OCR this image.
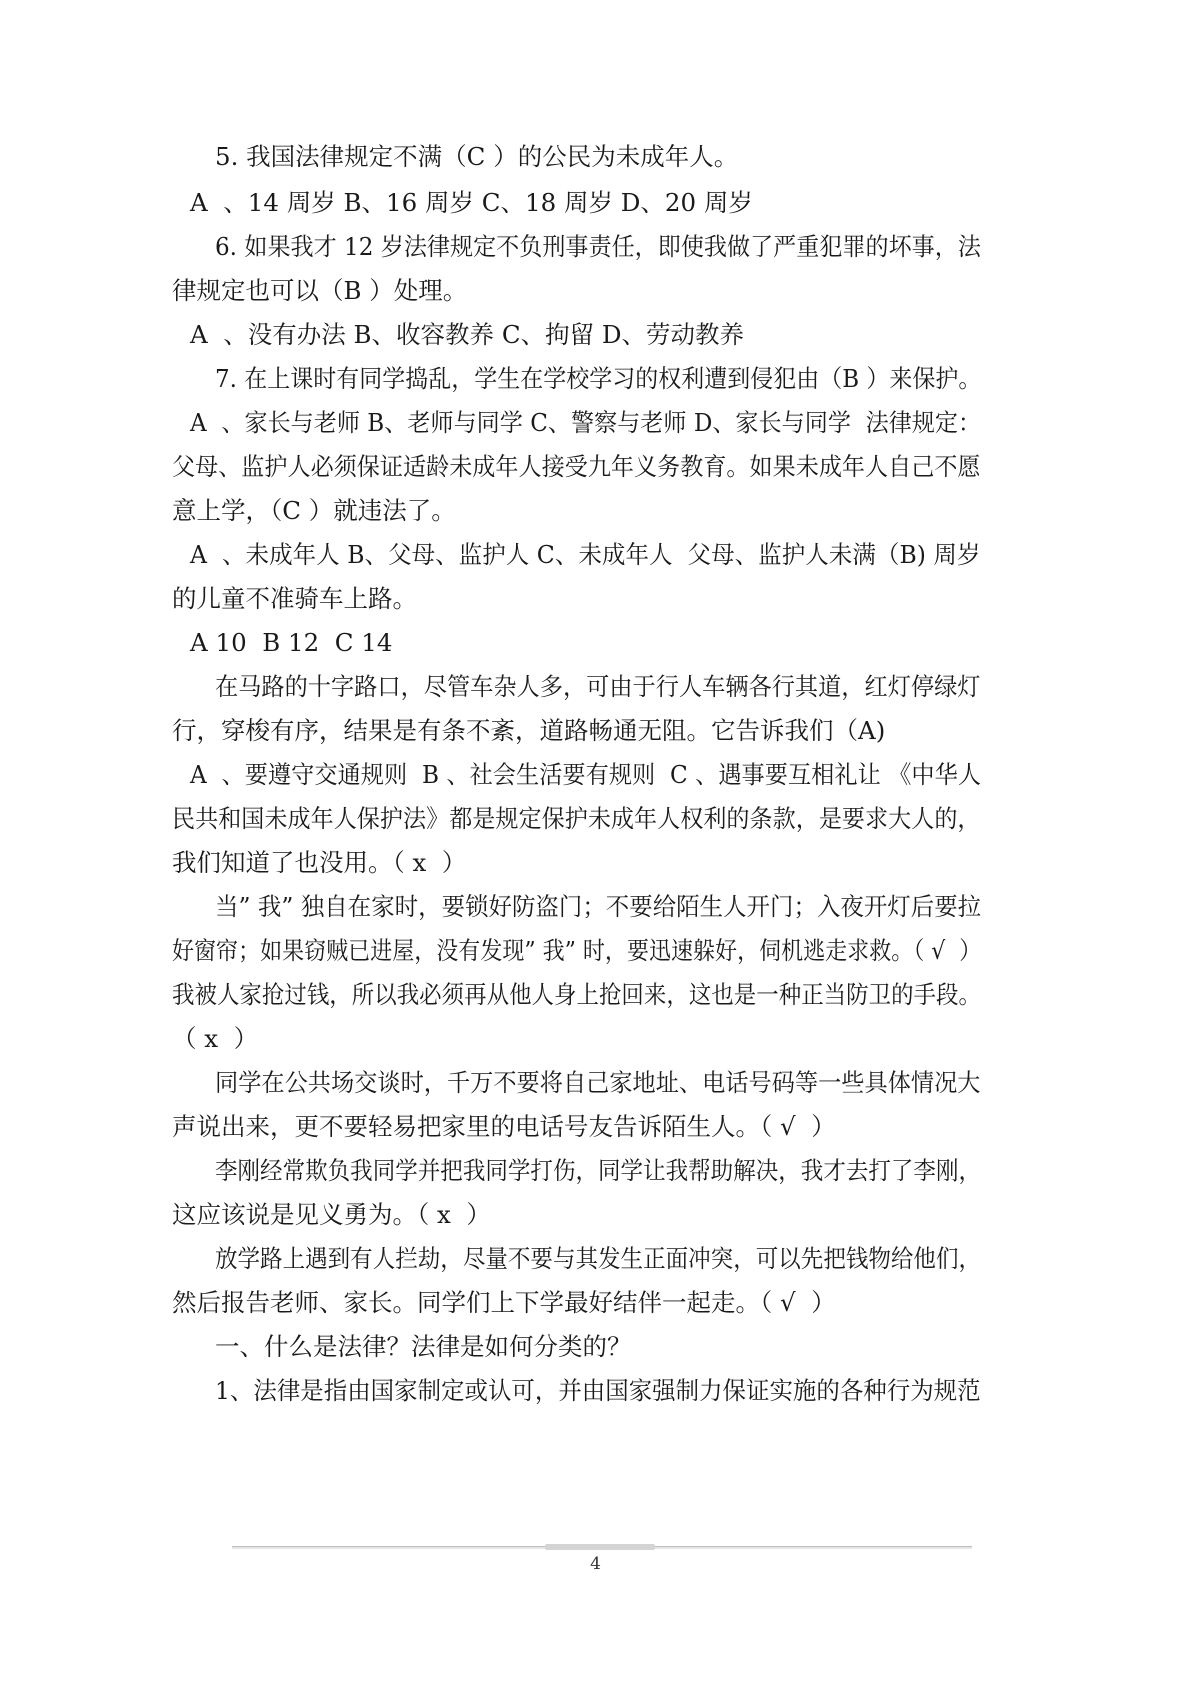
5. 我国法律规定不满（C ）的公民为未成年人。
A  、14 周岁 B、16 周岁 C、18 周岁 D、20 周岁
6. 如果我才 12 岁法律规定不负刑事责任，即使我做了严重犯罪的坏事，法
律规定也可以（B ）处理。
A  、没有办法 B、收容教养 C、拘留 D、劳动教养
7. 在上课时有同学捣乱，学生在学校学习的权利遭到侵犯由（B ）来保护。
A  、家长与老师 B、老师与同学 C、警察与老师 D、家长与同学  法律规定：
父母、监护人必须保证适龄未成年人接受九年义务教育。如果未成年人自己不愿
意上学，（C ）就违法了。
A  、未成年人 B、父母、监护人 C、未成年人  父母、监护人未满（B) 周岁
的儿童不准骑车上路。
A 10  B 12  C 14
在马路的十字路口，尽管车杂人多，可由于行人车辆各行其道，红灯停绿灯
行，穿梭有序，结果是有条不紊，道路畅通无阻。它告诉我们（A)
A  、要遵守交通规则  B 、社会生活要有规则  C 、遇事要互相礼让 《中华人
民共和国未成年人保护法》都是规定保护未成年人权利的条款，是要求大人的，
我们知道了也没用。（ x  ）
当” 我” 独自在家时，要锁好防盗门；不要给陌生人开门；入夜开灯后要拉
好窗帘；如果窃贼已进屋，没有发现” 我” 时，要迅速躲好，伺机逃走求救。（ √  ）
我被人家抢过钱，所以我必须再从他人身上抢回来，这也是一种正当防卫的手段。
（ x  ）
同学在公共场交谈时，千万不要将自己家地址、电话号码等一些具体情况大
声说出来，更不要轻易把家里的电话号友告诉陌生人。（ √  ）
李刚经常欺负我同学并把我同学打伤，同学让我帮助解决，我才去打了李刚，
这应该说是见义勇为。（ x  ）
放学路上遇到有人拦劫，尽量不要与其发生正面冲突，可以先把钱物给他们，
然后报告老师、家长。同学们上下学最好结伴一起走。（ √  ）
一、什么是法律？法律是如何分类的？
1、法律是指由国家制定或认可，并由国家强制力保证实施的各种行为规范
4
